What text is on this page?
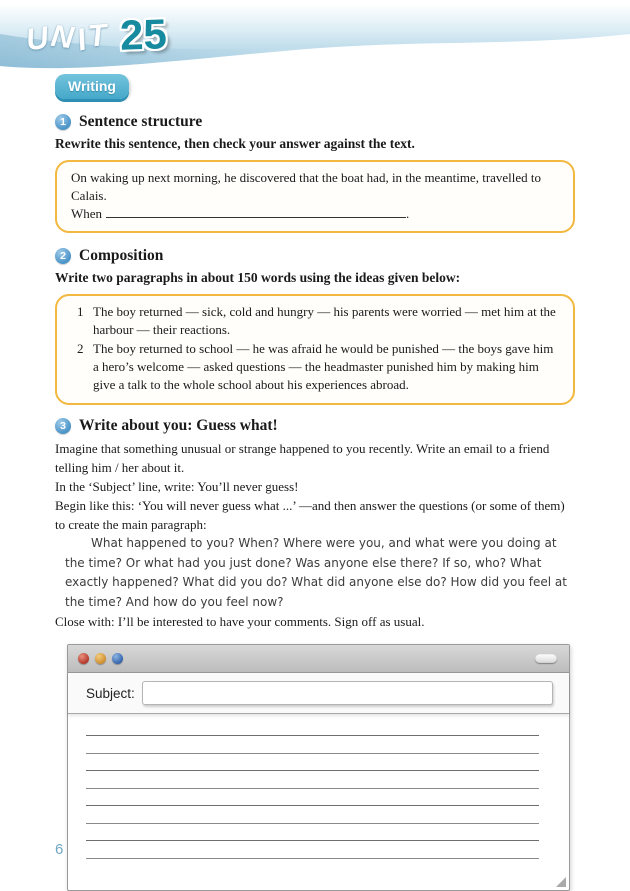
U
N
I
T 25
Writing
1 Sentence structure
Rewrite this sentence, then check your answer against the text.
On waking up next morning, he discovered that the boat had, in the meantime, travelled to Calais.
When	.
2 Composition
Write two paragraphs in about 150 words using the ideas given below:
1 The boy returned — sick, cold and hungry — his parents were worried — met him at the harbour — their reactions.
2 The boy returned to school — he was afraid he would be punished — the boys gave him a hero’s welcome — asked questions — the headmaster punished him by making him give a talk to the whole school about his experiences abroad.
3 Write about you: Guess what!

Imagine that something unusual or strange happened to you recently. Write an email to a friend telling him / her about it.

In the ‘Subject’ line, write: You’ll never guess!

Begin like this: ‘You will never guess what ...’ —and then answer the questions (or some of them) to create the main paragraph:

What happened to you? When? Where were you, and what were you doing at the time? Or what had you just done? Was anyone else there? If so, who? What exactly happened? What did you do? What did anyone else do? How did you feel at the time? And how do you feel now?

Close with: I’ll be interested to have your comments. Sign off as usual.

Subject:
6
